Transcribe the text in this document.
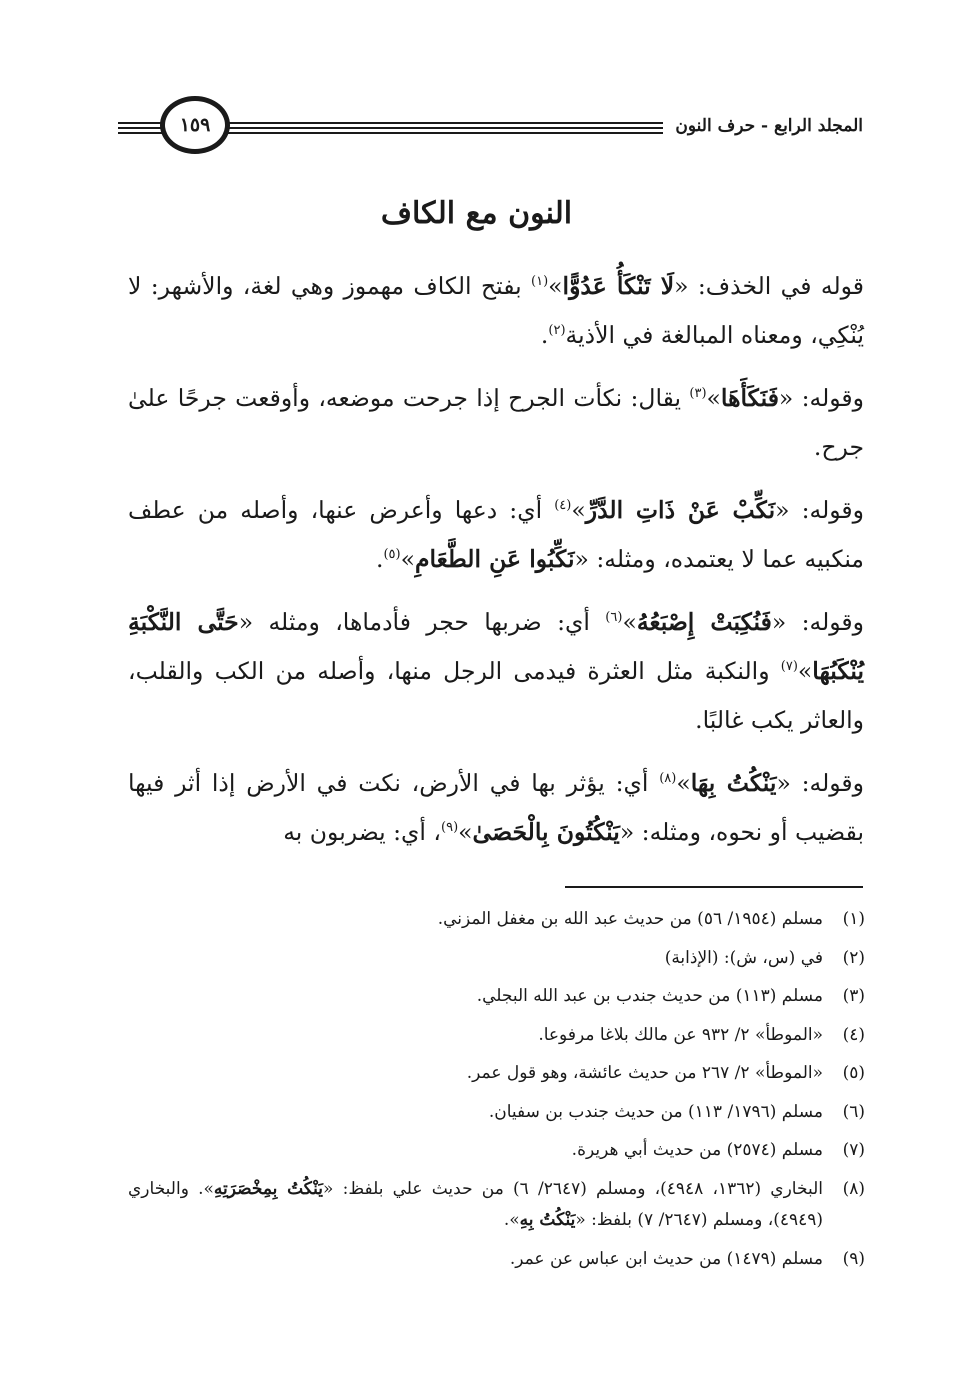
١٥٩	المجلد الرابع - حرف النون
النون مع الكاف

قوله في الخذف: «لَا تَنْكَأُ عَدُوًّا»$^{(١)}$ بفتح الكاف مهموز وهي لغة، والأشهر: لا يُنْكِي، ومعناه المبالغة في الأذية$^{(٢)}$.

وقوله: «فَنَكَأَهَا»$^{(٣)}$ يقال: نكأت الجرح إذا جرحت موضعه، وأوقعت جرحًا علىٰ جرح.

وقوله: «نَكِّبْ عَنْ ذَاتِ الدَّرِّ»$^{(٤)}$ أي: دعها وأعرض عنها، وأصله من عطف منكبيه عما لا يعتمده، ومثله: «نَكِّبُوا عَنِ الطَّعَامِ»$^{(٥)}$.

وقوله: «فَنُكِبَتْ إِصْبَعُهُ»$^{(٦)}$ أي: ضربها حجر فأدماها، ومثله «حَتَّى النَّكْبَةِ يُنْكَبُهَا»$^{(٧)}$ والنكبة مثل العثرة فيدمى الرجل منها، وأصله من الكب والقلب، والعاثر يكب غالبًا.

وقوله: «يَنْكُتُ بِهَا»$^{(٨)}$ أي: يؤثر بها في الأرض، نكت في الأرض إذا أثر فيها بقضيب أو نحوه، ومثله: «يَنْكُتُونَ بِالْحَصَىٰ»$^{(٩)}$، أي: يضربون به

(١)
مسلم (١٩٥٤/ ٥٦) من حديث عبد الله بن مغفل المزني.
(٢)
في (س، ش): (الإذابة)
(٣)
مسلم (١١٣) من حديث جندب بن عبد الله البجلي.
(٤)
«الموطأ» ٢/ ٩٣٢ عن مالك بلاغا مرفوعا.
(٥)
«الموطأ» ٢/ ٢٦٧ من حديث عائشة، وهو قول عمر.
(٦)
مسلم (١٧٩٦/ ١١٣) من حديث جندب بن سفيان.
(٧)
مسلم (٢٥٧٤) من حديث أبي هريرة.
(٨)
البخاري (١٣٦٢، ٤٩٤٨)، ومسلم (٢٦٤٧/ ٦) من حديث علي بلفظ: «يَنْكُتُ بِمِخْصَرَتِهِ». والبخاري (٤٩٤٩)، ومسلم (٢٦٤٧/ ٧) بلفظ: «يَنْكُتُ بِهِ».
(٩)
مسلم (١٤٧٩) من حديث ابن عباس عن عمر.
